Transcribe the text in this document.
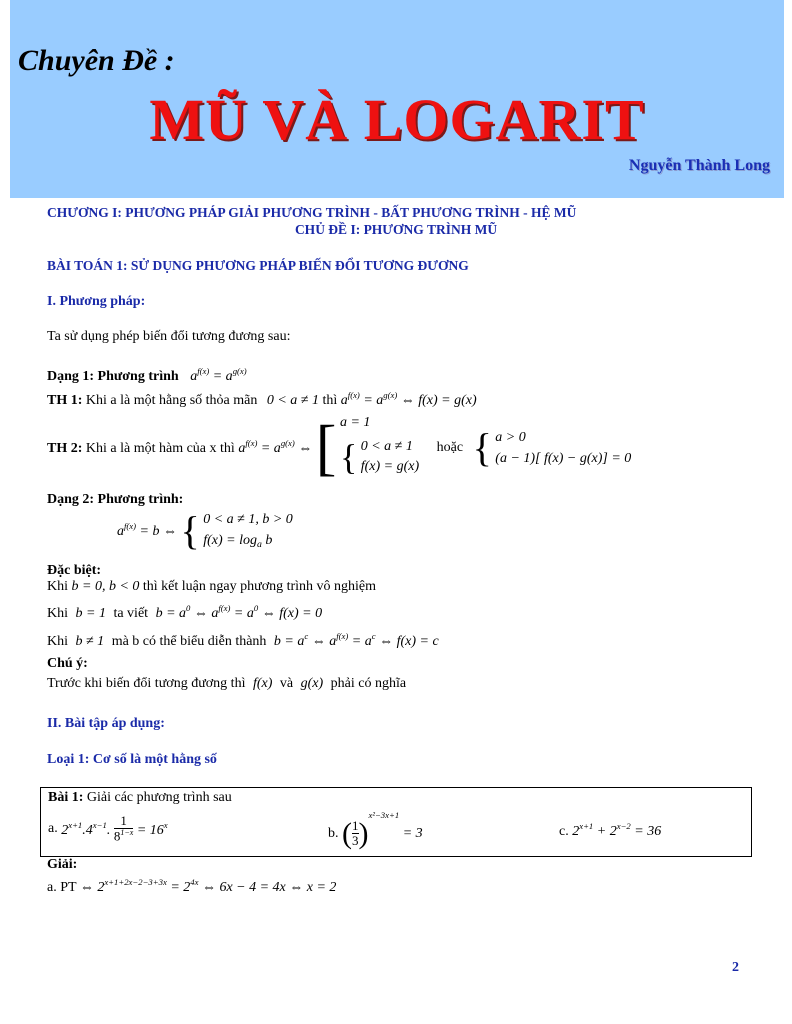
Chuyên Đề :
MŨ VÀ LOGARIT
Nguyễn Thành Long
CHƯƠNG I: PHƯƠNG PHÁP GIẢI PHƯƠNG TRÌNH - BẤT PHƯƠNG TRÌNH - HỆ MŨ
CHỦ ĐỀ I: PHƯƠNG TRÌNH MŨ
BÀI TOÁN 1: SỬ DỤNG PHƯƠNG PHÁP BIẾN ĐỔI TƯƠNG ĐƯƠNG
I. Phương pháp:
Ta sử dụng phép biến đổi tương đương sau:
Dạng 1: Phương trình $a^{f(x)} = a^{g(x)}$
TH 1: Khi a là một hằng số thỏa mãn 0 < a ≠ 1 thì $a^{f(x)} = a^{g(x)}$ ⇔ f(x) = g(x)
TH 2: Khi a là một hàm của x thì $a^{f(x)} = a^{g(x)}$ ⇔ [ a = 1
{ 0 < a ≠ 1
f(x) = g(x) hoặc { a > 0
(a − 1)[ f(x) − g(x)] = 0
Dạng 2: Phương trình:
$a^{f(x)} = b$ ⇔ { 0 < a ≠ 1, b > 0
$f(x) = \log_a b$
Đặc biệt:
Khi b = 0, b < 0 thì kết luận ngay phương trình vô nghiệm
Khi b = 1 ta viết $b = a^0$ ⇔ $a^{f(x)} = a^0$ ⇔ f(x) = 0
Khi b ≠ 1 mà b có thể biểu diễn thành $b = a^c$ ⇔ $a^{f(x)} = a^c$ ⇔ f(x) = c
Chú ý:
Trước khi biến đổi tương đương thì f(x) và g(x) phải có nghĩa
II. Bài tập áp dụng:
Loại 1: Cơ số là một hằng số
Bài 1: Giải các phương trình sau
a. $2^{x+1}.4^{x-1}$. $\frac{1}{8^{1-x}} = 16^x$
b. ( $\frac{1}{3} )^{x^2-3x+1} = 3$	c. $2^{x+1} + 2^{x-2} = 36$
Giải:
a. PT ⇔ $2^{x+1+2x-2-3+3x} = 2^{4x}$ ⇔ 6x − 4 = 4x ⇔ x = 2
2
